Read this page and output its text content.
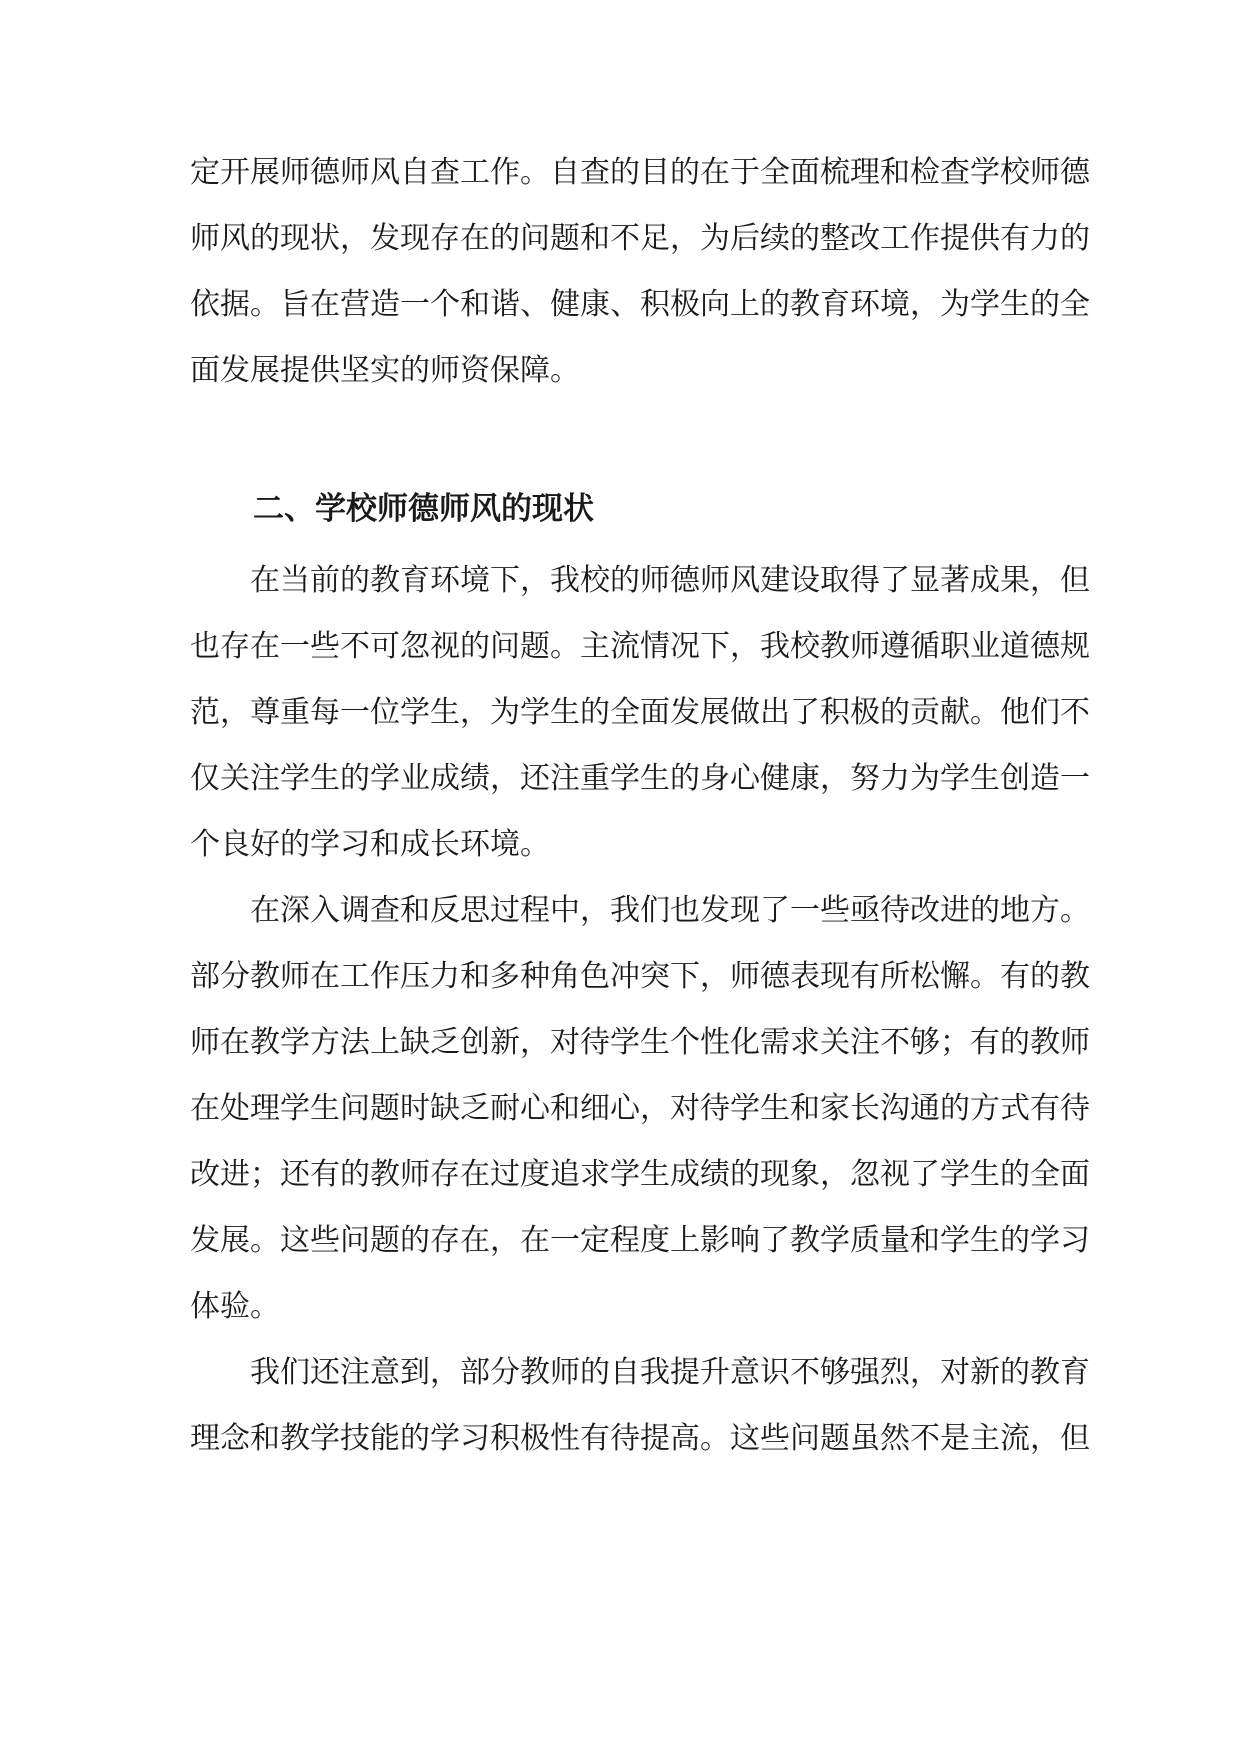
定开展师德师风自查工作。自查的目的在于全面梳理和检查学校师德
师风的现状，发现存在的问题和不足，为后续的整改工作提供有力的
依据。旨在营造一个和谐、健康、积极向上的教育环境，为学生的全
面发展提供坚实的师资保障。
二、学校师德师风的现状
在当前的教育环境下，我校的师德师风建设取得了显著成果，但
也存在一些不可忽视的问题。主流情况下，我校教师遵循职业道德规
范，尊重每一位学生，为学生的全面发展做出了积极的贡献。他们不
仅关注学生的学业成绩，还注重学生的身心健康，努力为学生创造一
个良好的学习和成长环境。
在深入调查和反思过程中，我们也发现了一些亟待改进的地方。
部分教师在工作压力和多种角色冲突下，师德表现有所松懈。有的教
师在教学方法上缺乏创新，对待学生个性化需求关注不够；有的教师
在处理学生问题时缺乏耐心和细心，对待学生和家长沟通的方式有待
改进；还有的教师存在过度追求学生成绩的现象，忽视了学生的全面
发展。这些问题的存在，在一定程度上影响了教学质量和学生的学习
体验。
我们还注意到，部分教师的自我提升意识不够强烈，对新的教育
理念和教学技能的学习积极性有待提高。这些问题虽然不是主流，但
